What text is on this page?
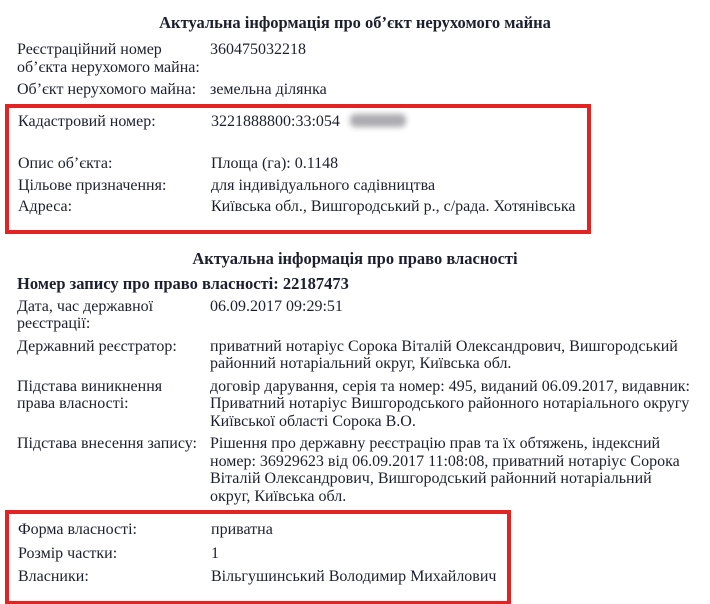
Актуальна інформація про об’єкт нерухомого майна
Реєстраційний номер об’єкта нерухомого майна:
360475032218
Об’єкт нерухомого майна: земельна ділянка
Кадастровий номер:	3221888800:33:054
Опис об’єкта:	Площа (га): 0.1148
Цільове призначення:	для індивідуального садівництва
Адреса:	Київська обл., Вишгородський р., с/рада. Хотянівська
Актуальна інформація про право власності
Номер запису про право власності: 22187473
Дата, час державної реєстрації:
06.09.2017 09:29:51
Державний реєстратор:	приватний нотаріус Сорока Віталій Олександрович, Вишгородський районний нотаріальний округ, Київська обл.
Підстава виникнення права власності:
договір дарування, серія та номер: 495, виданий 06.09.2017, видавник: Приватний нотаріус Вишгородського районного нотаріального округу Київської області Сорока В.О.
Підстава внесення запису: Рішення про державну реєстрацію прав та їх обтяжень, індексний номер: 36929623 від 06.09.2017 11:08:08, приватний нотаріус Сорока Віталій Олександрович, Вишгородський районний нотаріальний округ, Київська обл.
Форма власності:	приватна
Розмір частки:	1
Власники:	Вільгушинський Володимир Михайлович
